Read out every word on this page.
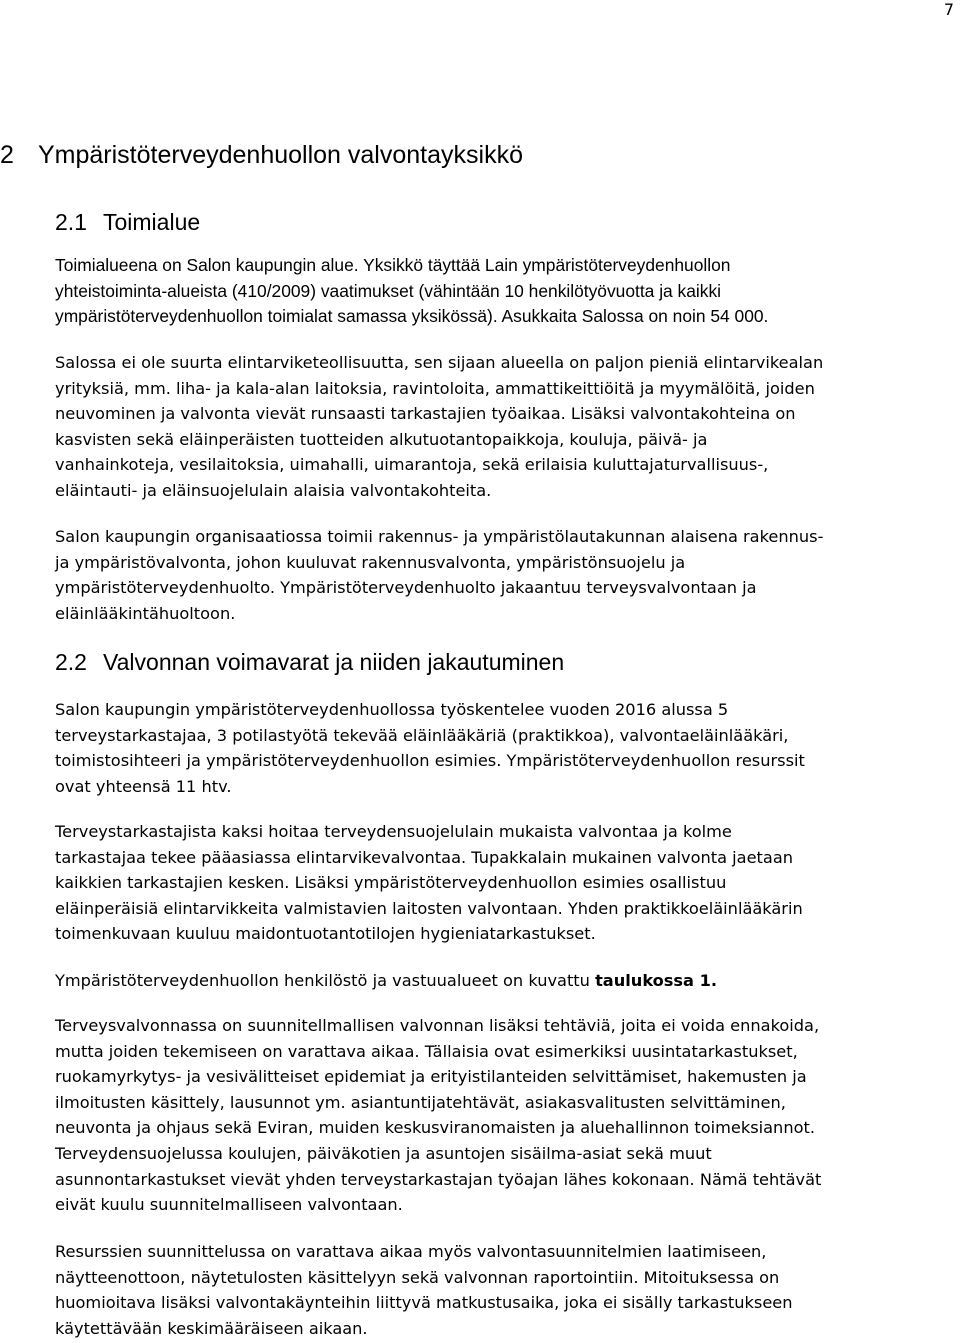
7
2 Ympäristöterveydenhuollon valvontayksikkö
2.1 Toimialue
Toimialueena on Salon kaupungin alue. Yksikkö täyttää Lain ympäristöterveydenhuollon
yhteistoiminta-alueista (410/2009) vaatimukset (vähintään 10 henkilötyövuotta ja kaikki
ympäristöterveydenhuollon toimialat samassa yksikössä). Asukkaita Salossa on noin 54 000.
Salossa ei ole suurta elintarviketeollisuutta, sen sijaan alueella on paljon pieniä elintarvikealan
yrityksiä, mm. liha- ja kala-alan laitoksia, ravintoloita, ammattikeittiöitä ja myymälöitä, joiden
neuvominen ja valvonta vievät runsaasti tarkastajien työaikaa. Lisäksi valvontakohteina on
kasvisten sekä eläinperäisten tuotteiden alkutuotantopaikkoja, kouluja, päivä- ja
vanhainkoteja, vesilaitoksia, uimahalli, uimarantoja, sekä erilaisia kuluttajaturvallisuus-,
eläintauti- ja eläinsuojelulain alaisia valvontakohteita.
Salon kaupungin organisaatiossa toimii rakennus- ja ympäristölautakunnan alaisena rakennus-
ja ympäristövalvonta, johon kuuluvat rakennusvalvonta, ympäristönsuojelu ja
ympäristöterveydenhuolto. Ympäristöterveydenhuolto jakaantuu terveysvalvontaan ja
eläinlääkintähuoltoon.
2.2 Valvonnan voimavarat ja niiden jakautuminen
Salon kaupungin ympäristöterveydenhuollossa työskentelee vuoden 2016 alussa 5
terveystarkastajaa, 3 potilastyötä tekevää eläinlääkäriä (praktikkoa), valvontaeläinlääkäri,
toimistosihteeri ja ympäristöterveydenhuollon esimies. Ympäristöterveydenhuollon resurssit
ovat yhteensä 11 htv.
Terveystarkastajista kaksi hoitaa terveydensuojelulain mukaista valvontaa ja kolme
tarkastajaa tekee pääasiassa elintarvikevalvontaa. Tupakkalain mukainen valvonta jaetaan
kaikkien tarkastajien kesken. Lisäksi ympäristöterveydenhuollon esimies osallistuu
eläinperäisiä elintarvikkeita valmistavien laitosten valvontaan. Yhden praktikkoeläinlääkärin
toimenkuvaan kuuluu maidontuotantotilojen hygieniatarkastukset.
Ympäristöterveydenhuollon henkilöstö ja vastuualueet on kuvattu taulukossa 1.
Terveysvalvonnassa on suunnitellmallisen valvonnan lisäksi tehtäviä, joita ei voida ennakoida,
mutta joiden tekemiseen on varattava aikaa. Tällaisia ovat esimerkiksi uusintatarkastukset,
ruokamyrkytys- ja vesivälitteiset epidemiat ja erityistilanteiden selvittämiset, hakemusten ja
ilmoitusten käsittely, lausunnot ym. asiantuntijatehtävät, asiakasvalitusten selvittäminen,
neuvonta ja ohjaus sekä Eviran, muiden keskusviranomaisten ja aluehallinnon toimeksiannot.
Terveydensuojelussa koulujen, päiväkotien ja asuntojen sisäilma-asiat sekä muut
asunnontarkastukset vievät yhden terveystarkastajan työajan lähes kokonaan. Nämä tehtävät
eivät kuulu suunnitelmalliseen valvontaan.
Resurssien suunnittelussa on varattava aikaa myös valvontasuunnitelmien laatimiseen,
näytteenottoon, näytetulosten käsittelyyn sekä valvonnan raportointiin. Mitoituksessa on
huomioitava lisäksi valvontakäynteihin liittyvä matkustusaika, joka ei sisälly tarkastukseen
käytettävään keskimääräiseen aikaan.
